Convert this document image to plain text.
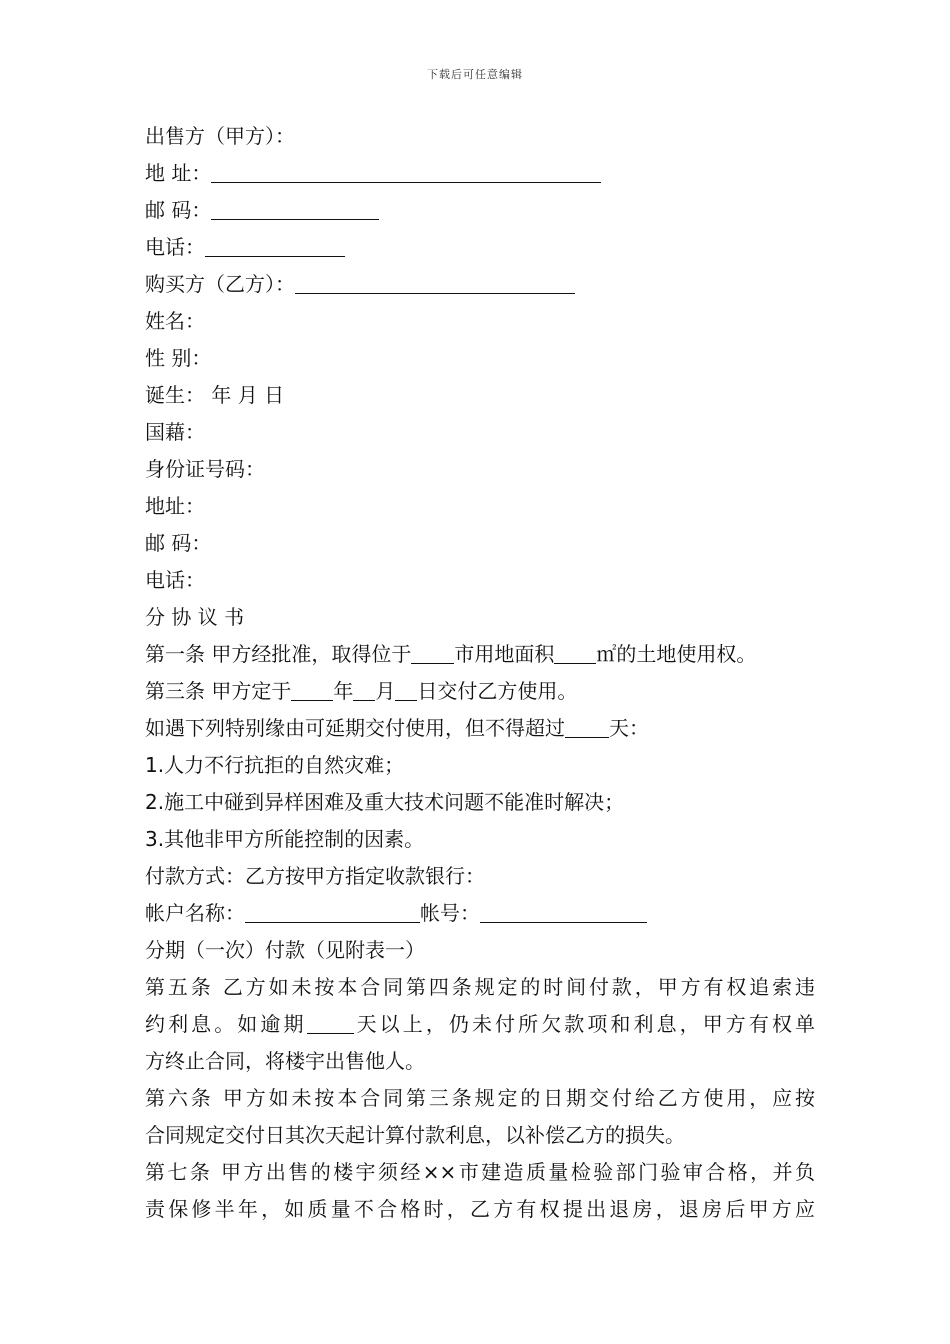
下载后可任意编辑
出售方（甲方）：
地 址：
邮 码：
电话：
购买方（乙方）：
姓名：
性 别：
诞生： 年 月 日
国藉：
身份证号码：
地址：
邮 码：
电话：
分 协 议 书
第一条 甲方经批准，取得位于 市用地面积 ㎡的土地使用权。
第三条 甲方定于 年 月 日交付乙方使用。
如遇下列特别缘由可延期交付使用，但不得超过 天：
1.人力不行抗拒的自然灾难；
2.施工中碰到异样困难及重大技术问题不能准时解决；
3.其他非甲方所能控制的因素。
付款方式：乙方按甲方指定收款银行：
帐户名称：	帐号：
分期（一次）付款（见附表一）
第五条 乙方如未按本合同第四条规定的时间付款，甲方有权追索违
约利息。如逾期 天以上，仍未付所欠款项和利息，甲方有权单
方终止合同，将楼宇出售他人。
第六条 甲方如未按本合同第三条规定的日期交付给乙方使用，应按
合同规定交付日其次天起计算付款利息，以补偿乙方的损失。
第七条 甲方出售的楼宇须经××市建造质量检验部门验审合格，并负
责保修半年，如质量不合格时，乙方有权提出退房，退房后甲方应
